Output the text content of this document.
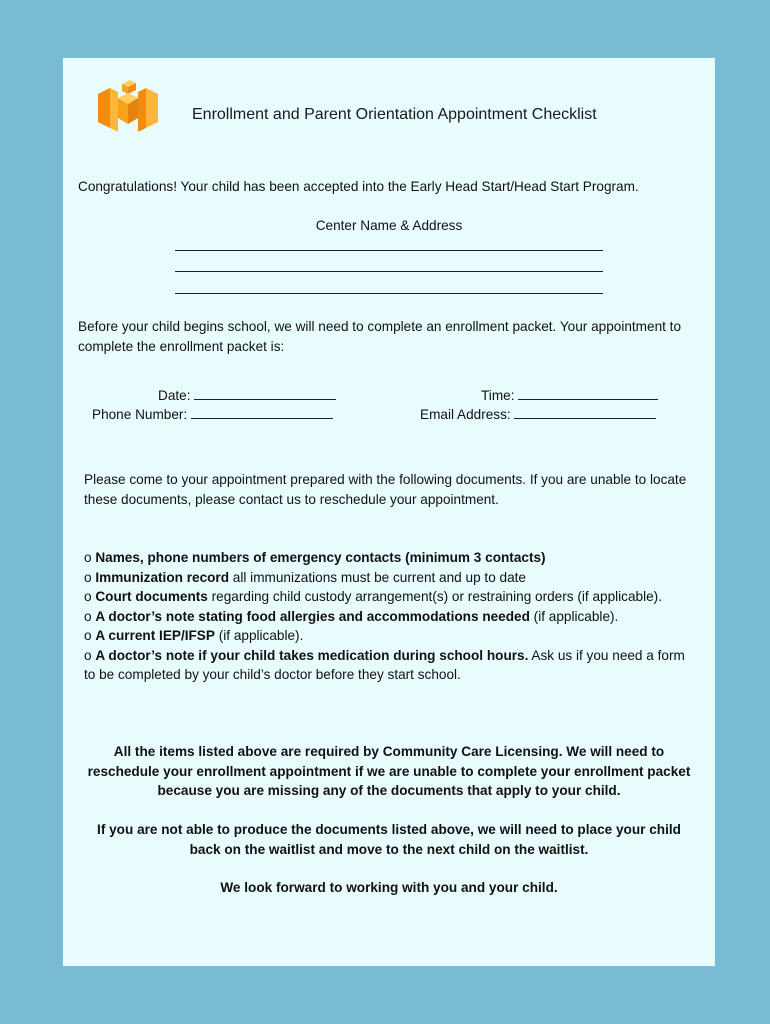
Enrollment and Parent Orientation Appointment Checklist
Congratulations! Your child has been accepted into the Early Head Start/Head Start Program.
Center Name & Address
Before your child begins school, we will need to complete an enrollment packet. Your appointment to complete the enrollment packet is:
Date:
Phone Number:
Time:
Email Address:
Please come to your appointment prepared with the following documents. If you are unable to locate these documents, please contact us to reschedule your appointment.
o Names, phone numbers of emergency contacts (minimum 3 contacts)
o Immunization record all immunizations must be current and up to date
o Court documents regarding child custody arrangement(s) or restraining orders (if applicable).
o A doctor’s note stating food allergies and accommodations needed (if applicable).
o A current IEP/IFSP (if applicable).
o A doctor’s note if your child takes medication during school hours. Ask us if you need a form to be completed by your child’s doctor before they start school.
All the items listed above are required by Community Care Licensing. We will need to reschedule your enrollment appointment if we are unable to complete your enrollment packet because you are missing any of the documents that apply to your child.
If you are not able to produce the documents listed above, we will need to place your child back on the waitlist and move to the next child on the waitlist.
We look forward to working with you and your child.
